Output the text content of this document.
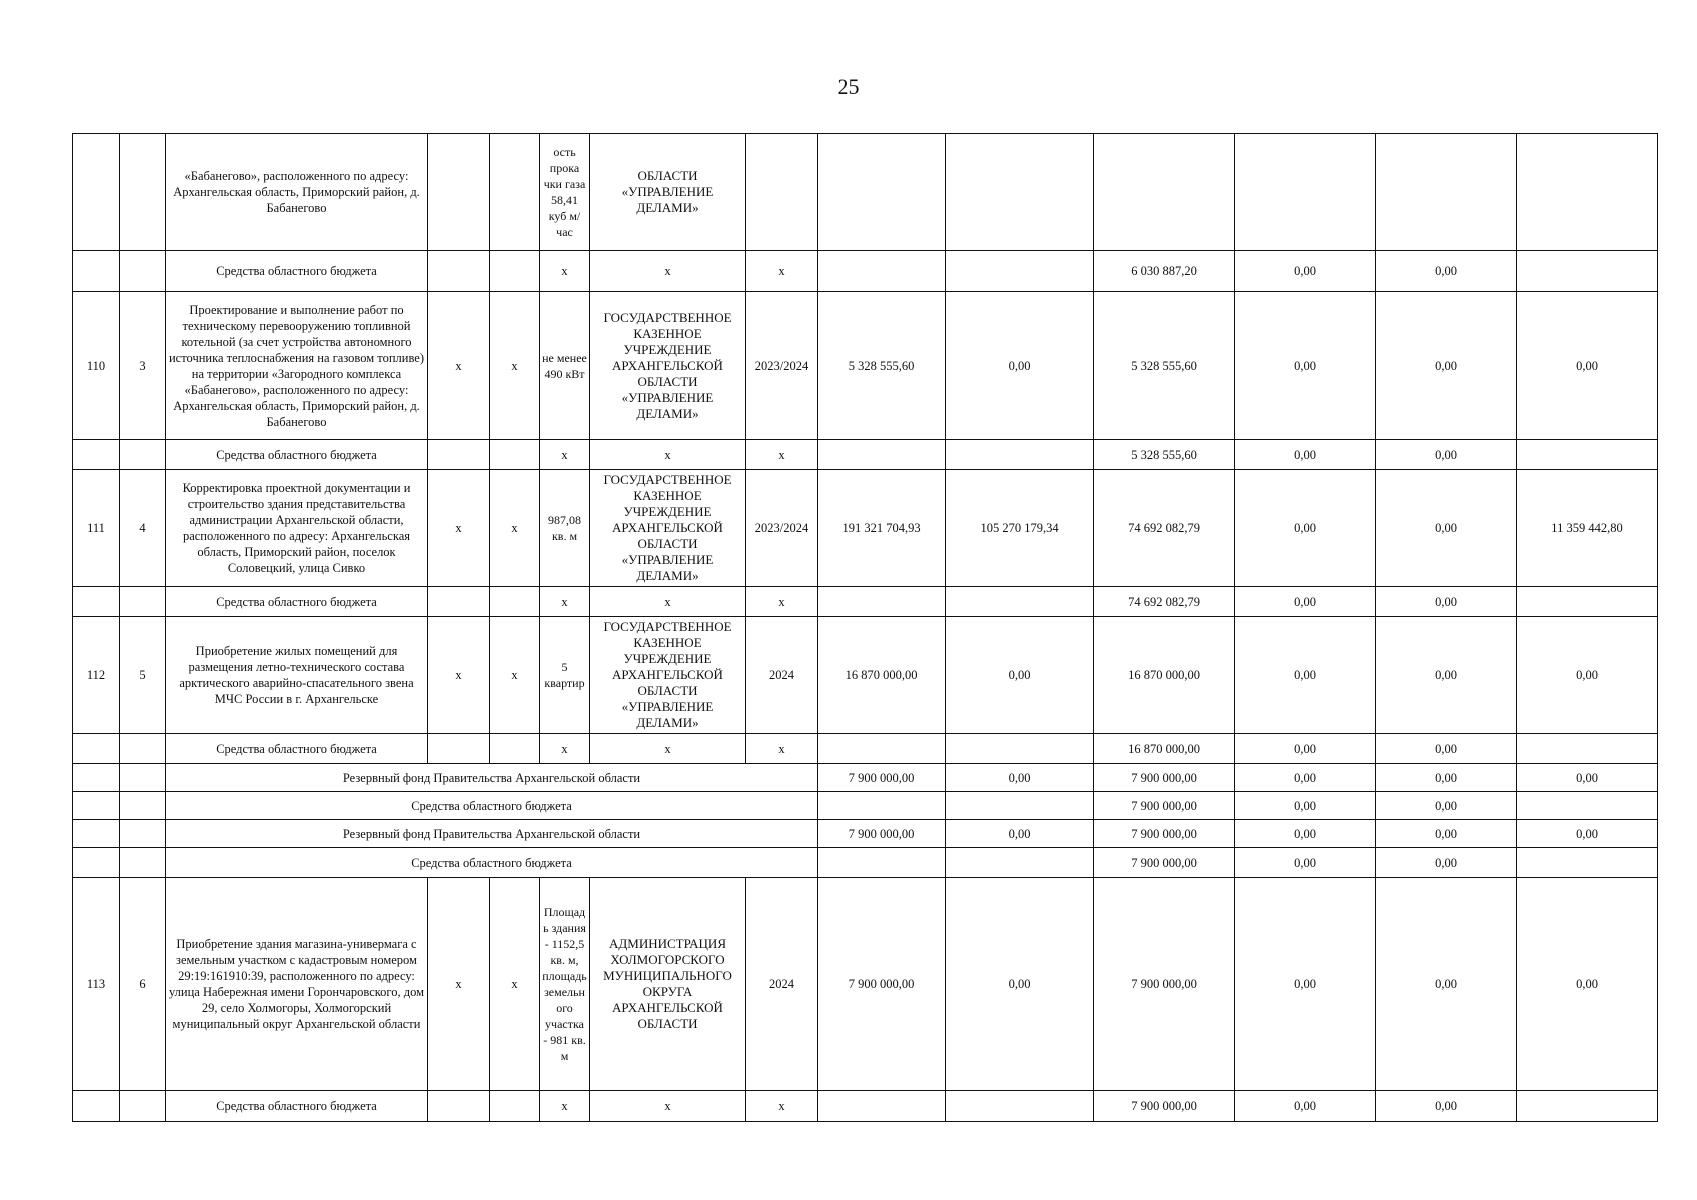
25
		«Бабанегово», расположенного по адресу: Архангельская область, Приморский район, д. Бабанегово			ость прока чки газа 58,41 куб м/час	ОБЛАСТИ «УПРАВЛЕНИЕ ДЕЛАМИ»							
		Средства областного бюджета			х	х	х			6 030 887,20	0,00	0,00	
110	3	Проектирование и выполнение работ по техническому перевооружению топливной котельной (за счет устройства автономного источника теплоснабжения на газовом топливе) на территории «Загородного комплекса «Бабанегово», расположенного по адресу: Архангельская область, Приморский район, д. Бабанегово	х	х	не менее 490 кВт	ГОСУДАРСТВЕННОЕ КАЗЕННОЕ УЧРЕЖДЕНИЕ АРХАНГЕЛЬСКОЙ ОБЛАСТИ «УПРАВЛЕНИЕ ДЕЛАМИ»	2023/2024	5 328 555,60	0,00	5 328 555,60	0,00	0,00	0,00
		Средства областного бюджета			х	х	х			5 328 555,60	0,00	0,00	
111	4	Корректировка проектной документации и строительство здания представительства администрации Архангельской области, расположенного по адресу: Архангельская область, Приморский район, поселок Соловецкий, улица Сивко	х	х	987,08 кв. м	ГОСУДАРСТВЕННОЕ КАЗЕННОЕ УЧРЕЖДЕНИЕ АРХАНГЕЛЬСКОЙ ОБЛАСТИ «УПРАВЛЕНИЕ ДЕЛАМИ»	2023/2024	191 321 704,93	105 270 179,34	74 692 082,79	0,00	0,00	11 359 442,80
		Средства областного бюджета			х	х	х			74 692 082,79	0,00	0,00	
112	5	Приобретение жилых помещений для размещения летно-технического состава арктического аварийно-спасательного звена МЧС России в г. Архангельске	х	х	5 квартир	ГОСУДАРСТВЕННОЕ КАЗЕННОЕ УЧРЕЖДЕНИЕ АРХАНГЕЛЬСКОЙ ОБЛАСТИ «УПРАВЛЕНИЕ ДЕЛАМИ»	2024	16 870 000,00	0,00	16 870 000,00	0,00	0,00	0,00
		Средства областного бюджета			х	х	х			16 870 000,00	0,00	0,00	
		Резервный фонд Правительства Архангельской области						7 900 000,00	0,00	7 900 000,00	0,00	0,00	0,00
		Средства областного бюджета								7 900 000,00	0,00	0,00	
		Резервный фонд Правительства Архангельской области						7 900 000,00	0,00	7 900 000,00	0,00	0,00	0,00
		Средства областного бюджета								7 900 000,00	0,00	0,00	
113	6	Приобретение здания магазина-универмага с земельным участком с кадастровым номером 29:19:161910:39, расположенного по адресу: улица Набережная имени Горончаровского, дом 29, село Холмогоры, Холмогорский муниципальный округ Архангельской области	х	х	Площадь здания - 1152,5 кв. м, площадь земельного участка - 981 кв. м	АДМИНИСТРАЦИЯ ХОЛМОГОРСКОГО МУНИЦИПАЛЬНОГО ОКРУГА АРХАНГЕЛЬСКОЙ ОБЛАСТИ	2024	7 900 000,00	0,00	7 900 000,00	0,00	0,00	0,00
		Средства областного бюджета			х	х	х			7 900 000,00	0,00	0,00	
